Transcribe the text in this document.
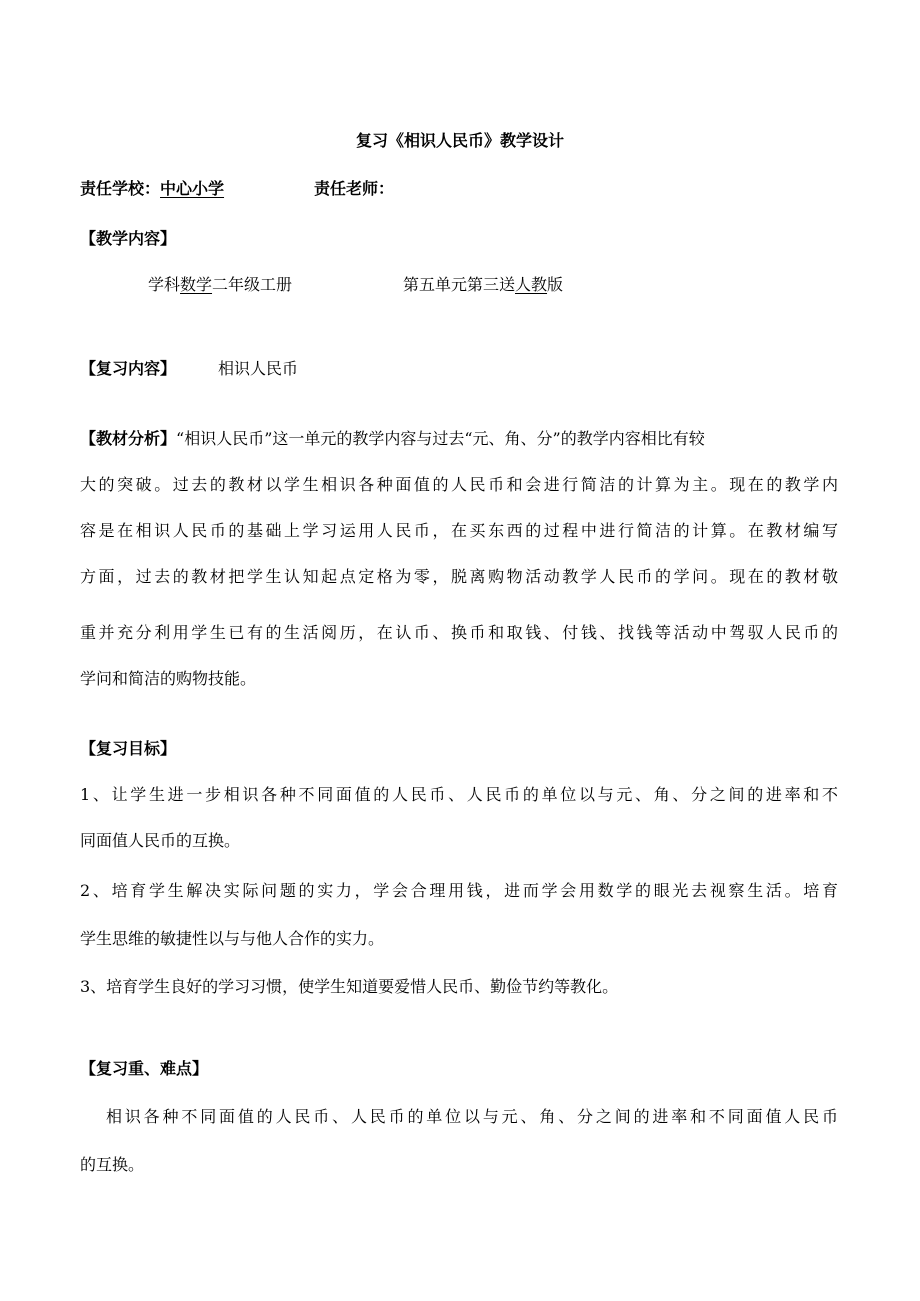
复习《相识人民币》教学设计
责任学校：中心小学	责任老师：
【教学内容】
学科数学二年级工册	第五单元第三送人教版
【复习内容】	相识人民币
【教材分析】“相识人民币”这一单元的教学内容与过去“元、角、分”的教学内容相比有较
大的突破。过去的教材以学生相识各种面值的人民币和会进行简洁的计算为主。现在的教学内
容是在相识人民币的基础上学习运用人民币，在买东西的过程中进行简洁的计算。在教材编写
方面，过去的教材把学生认知起点定格为零，脱离购物活动教学人民币的学问。现在的教材敬
重并充分利用学生已有的生活阅历，在认币、换币和取钱、付钱、找钱等活动中驾驭人民币的
学问和简洁的购物技能。
【复习目标】
1、让学生进一步相识各种不同面值的人民币、人民币的单位以与元、角、分之间的进率和不
同面值人民币的互换。
2、培育学生解决实际问题的实力，学会合理用钱，进而学会用数学的眼光去视察生活。培育
学生思维的敏捷性以与与他人合作的实力。
3、培育学生良好的学习习惯，使学生知道要爱惜人民币、勤俭节约等教化。
【复习重、难点】
相识各种不同面值的人民币、人民币的单位以与元、角、分之间的进率和不同面值人民币
的互换。
